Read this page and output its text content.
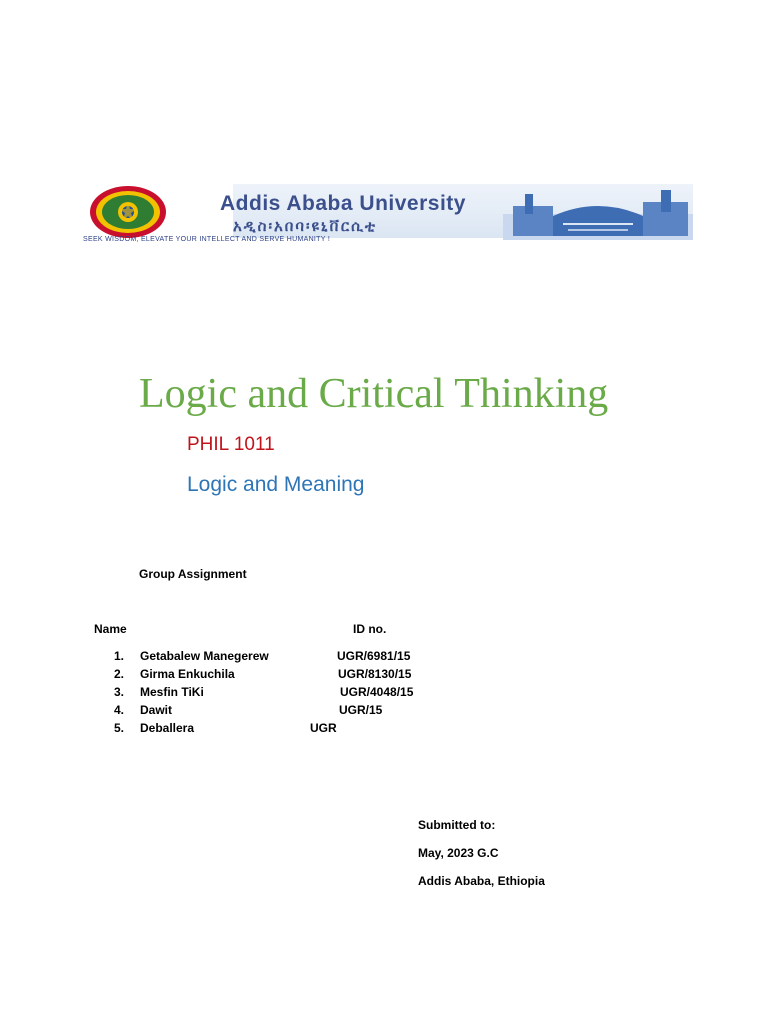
Addis Ababa University
አዲስ፡አበባ፡ዩኒቨርሲቲ
SEEK WISDOM, ELEVATE YOUR INTELLECT AND SERVE HUMANITY !
Logic and Critical Thinking
PHIL 1011
Logic and Meaning
Group Assignment
Name	ID no.
1. Getabalew Manegerew	UGR/6981/15
2. Girma Enkuchila	UGR/8130/15
3. Mesfin TiKi	UGR/4048/15
4. Dawit	UGR/15
5. Deballera	UGR
Submitted to:
May, 2023 G.C
Addis Ababa, Ethiopia
